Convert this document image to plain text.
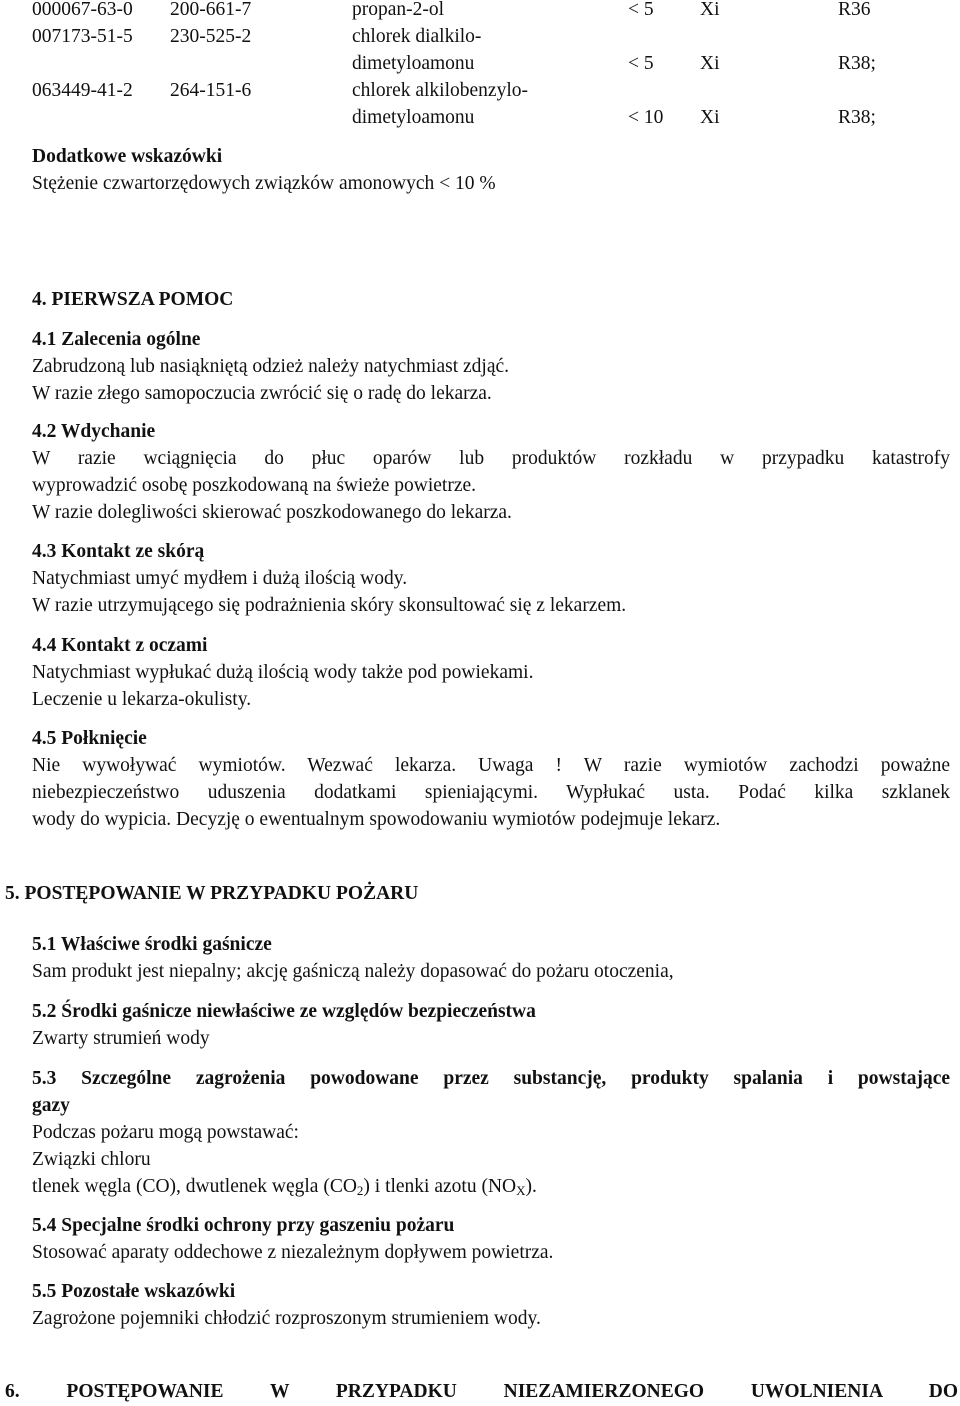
000067-63-0 200-661-7	propan-2-ol	< 5 Xi	R36
007173-51-5 230-525-2	chlorek dialkilo-
dimetyloamonu	< 5 Xi	R38;
063449-41-2 264-151-6	chlorek alkilobenzylo-
dimetyloamonu	< 10 Xi	R38;
Dodatkowe wskazówki
Stężenie czwartorzędowych związków amonowych < 10 %
4. PIERWSZA POMOC
4.1 Zalecenia ogólne
Zabrudzoną lub nasiąkniętą odzież należy natychmiast zdjąć.
W razie złego samopoczucia zwrócić się o radę do lekarza.
4.2 Wdychanie
W razie wciągnięcia do płuc oparów lub produktów rozkładu w przypadku katastrofy
wyprowadzić osobę poszkodowaną na świeże powietrze.
W razie dolegliwości skierować poszkodowanego do lekarza.
4.3 Kontakt ze skórą
Natychmiast umyć mydłem i dużą ilością wody.
W razie utrzymującego się podrażnienia skóry skonsultować się z lekarzem.
4.4 Kontakt z oczami
Natychmiast wypłukać dużą ilością wody także pod powiekami.
Leczenie u lekarza-okulisty.
4.5 Połknięcie
Nie wywoływać wymiotów. Wezwać lekarza. Uwaga ! W razie wymiotów zachodzi poważne
niebezpieczeństwo uduszenia dodatkami spieniającymi. Wypłukać usta. Podać kilka szklanek
wody do wypicia. Decyzję o ewentualnym spowodowaniu wymiotów podejmuje lekarz.
5. POSTĘPOWANIE W PRZYPADKU POŻARU
5.1 Właściwe środki gaśnicze
Sam produkt jest niepalny; akcję gaśniczą należy dopasować do pożaru otoczenia,
5.2 Środki gaśnicze niewłaściwe ze względów bezpieczeństwa
Zwarty strumień wody
5.3 Szczególne zagrożenia powodowane przez substancję, produkty spalania i powstające
gazy
Podczas pożaru mogą powstawać:
Związki chloru
tlenek węgla (CO), dwutlenek węgla $(CO_2)$ i tlenki azotu $(NO_X)$.
5.4 Specjalne środki ochrony przy gaszeniu pożaru
Stosować aparaty oddechowe z niezależnym dopływem powietrza.
5.5 Pozostałe wskazówki
Zagrożone pojemniki chłodzić rozproszonym strumieniem wody.
6. POSTĘPOWANIE W PRZYPADKU NIEZAMIERZONEGO UWOLNIENIA DO
